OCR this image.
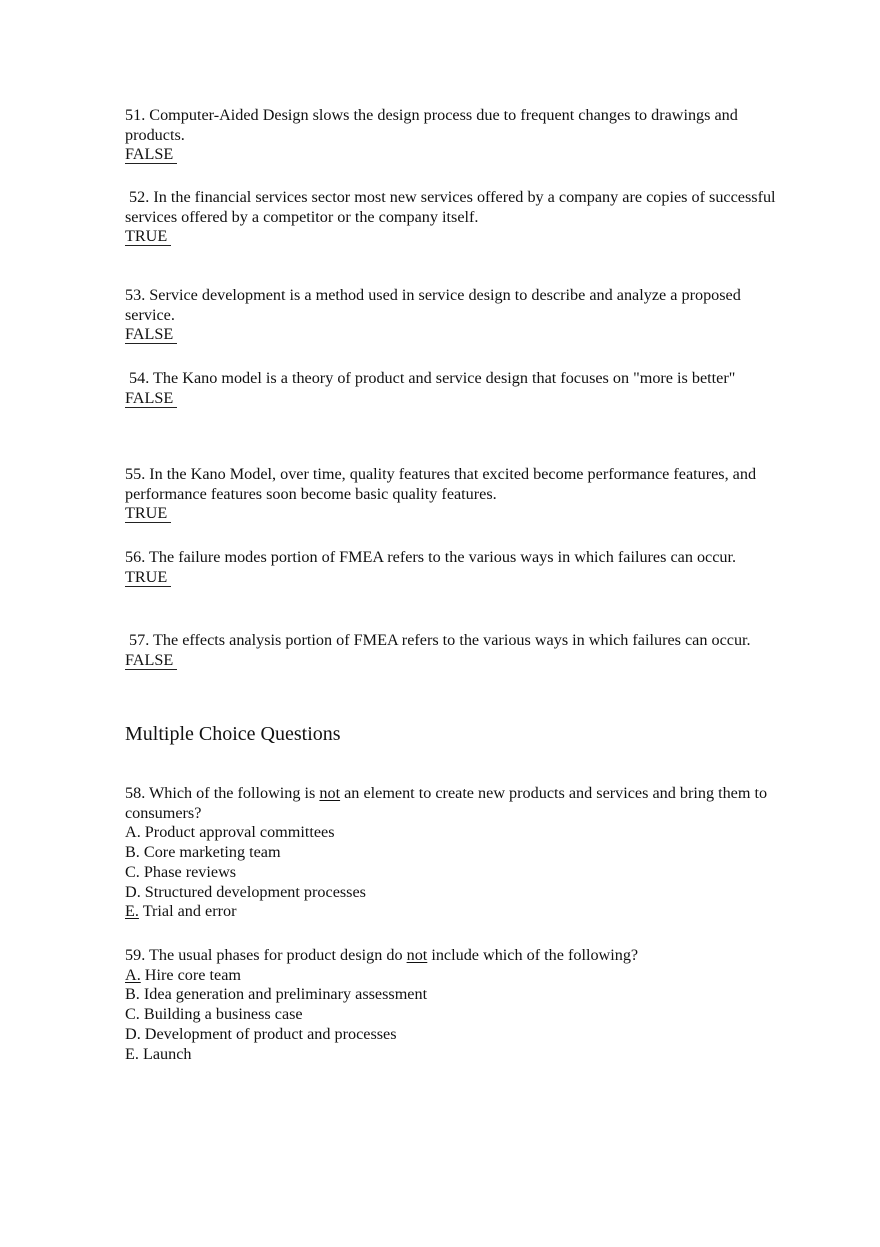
51. Computer-Aided Design slows the design process due to frequent changes to drawings and products.

FALSE

52. In the financial services sector most new services offered by a company are copies of successful services offered by a competitor or the company itself.

TRUE

53. Service development is a method used in service design to describe and analyze a proposed service.

FALSE

54. The Kano model is a theory of product and service design that focuses on "more is better"

FALSE

55. In the Kano Model, over time, quality features that excited become performance features, and performance features soon become basic quality features.

TRUE

56. The failure modes portion of FMEA refers to the various ways in which failures can occur.

TRUE

57. The effects analysis portion of FMEA refers to the various ways in which failures can occur.

FALSE
Multiple Choice Questions

58. Which of the following is not an element to create new products and services and bring them to consumers?

A. Product approval committees

B. Core marketing team

C. Phase reviews

D. Structured development processes

E. Trial and error

59. The usual phases for product design do not include which of the following?

A. Hire core team

B. Idea generation and preliminary assessment

C. Building a business case

D. Development of product and processes

E. Launch
